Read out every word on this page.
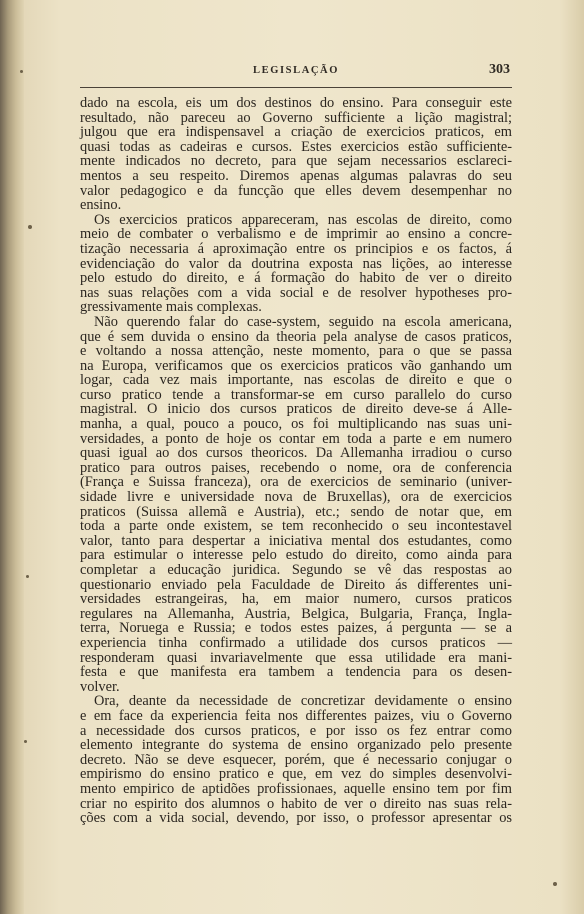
LEGISLAÇÃO	303
dado na escola, eis um dos destinos do ensino. Para conseguir este
resultado, não pareceu ao Governo sufficiente a lição magistral;
julgou que era indispensavel a criação de exercicios praticos, em
quasi todas as cadeiras e cursos. Estes exercicios estão sufficiente-
mente indicados no decreto, para que sejam necessarios esclareci-
mentos a seu respeito. Diremos apenas algumas palavras do seu
valor pedagogico e da funcção que elles devem desempenhar no
ensino.
Os exercicios praticos appareceram, nas escolas de direito, como
meio de combater o verbalismo e de imprimir ao ensino a concre-
tização necessaria á aproximação entre os principios e os factos, á
evidenciação do valor da doutrina exposta nas lições, ao interesse
pelo estudo do direito, e á formação do habito de ver o direito
nas suas relações com a vida social e de resolver hypotheses pro-
gressivamente mais complexas.
Não querendo falar do case-system, seguido na escola americana,
que é sem duvida o ensino da theoria pela analyse de casos praticos,
e voltando a nossa attenção, neste momento, para o que se passa
na Europa, verificamos que os exercicios praticos vão ganhando um
logar, cada vez mais importante, nas escolas de direito e que o
curso pratico tende a transformar-se em curso parallelo do curso
magistral. O inicio dos cursos praticos de direito deve-se á Alle-
manha, a qual, pouco a pouco, os foi multiplicando nas suas uni-
versidades, a ponto de hoje os contar em toda a parte e em numero
quasi igual ao dos cursos theoricos. Da Allemanha irradiou o curso
pratico para outros paises, recebendo o nome, ora de conferencia
(França e Suissa franceza), ora de exercicios de seminario (univer-
sidade livre e universidade nova de Bruxellas), ora de exercicios
praticos (Suissa allemã e Austria), etc.; sendo de notar que, em
toda a parte onde existem, se tem reconhecido o seu incontestavel
valor, tanto para despertar a iniciativa mental dos estudantes, como
para estimular o interesse pelo estudo do direito, como ainda para
completar a educação juridica. Segundo se vê das respostas ao
questionario enviado pela Faculdade de Direito ás differentes uni-
versidades estrangeiras, ha, em maior numero, cursos praticos
regulares na Allemanha, Austria, Belgica, Bulgaria, França, Ingla-
terra, Noruega e Russia; e todos estes paizes, á pergunta — se a
experiencia tinha confirmado a utilidade dos cursos praticos —
responderam quasi invariavelmente que essa utilidade era mani-
festa e que manifesta era tambem a tendencia para os desen-
volver.
Ora, deante da necessidade de concretizar devidamente o ensino
e em face da experiencia feita nos differentes paizes, viu o Governo
a necessidade dos cursos praticos, e por isso os fez entrar como
elemento integrante do systema de ensino organizado pelo presente
decreto. Não se deve esquecer, porém, que é necessario conjugar o
empirismo do ensino pratico e que, em vez do simples desenvolvi-
mento empirico de aptidões profissionaes, aquelle ensino tem por fim
criar no espirito dos alumnos o habito de ver o direito nas suas rela-
ções com a vida social, devendo, por isso, o professor apresentar os
